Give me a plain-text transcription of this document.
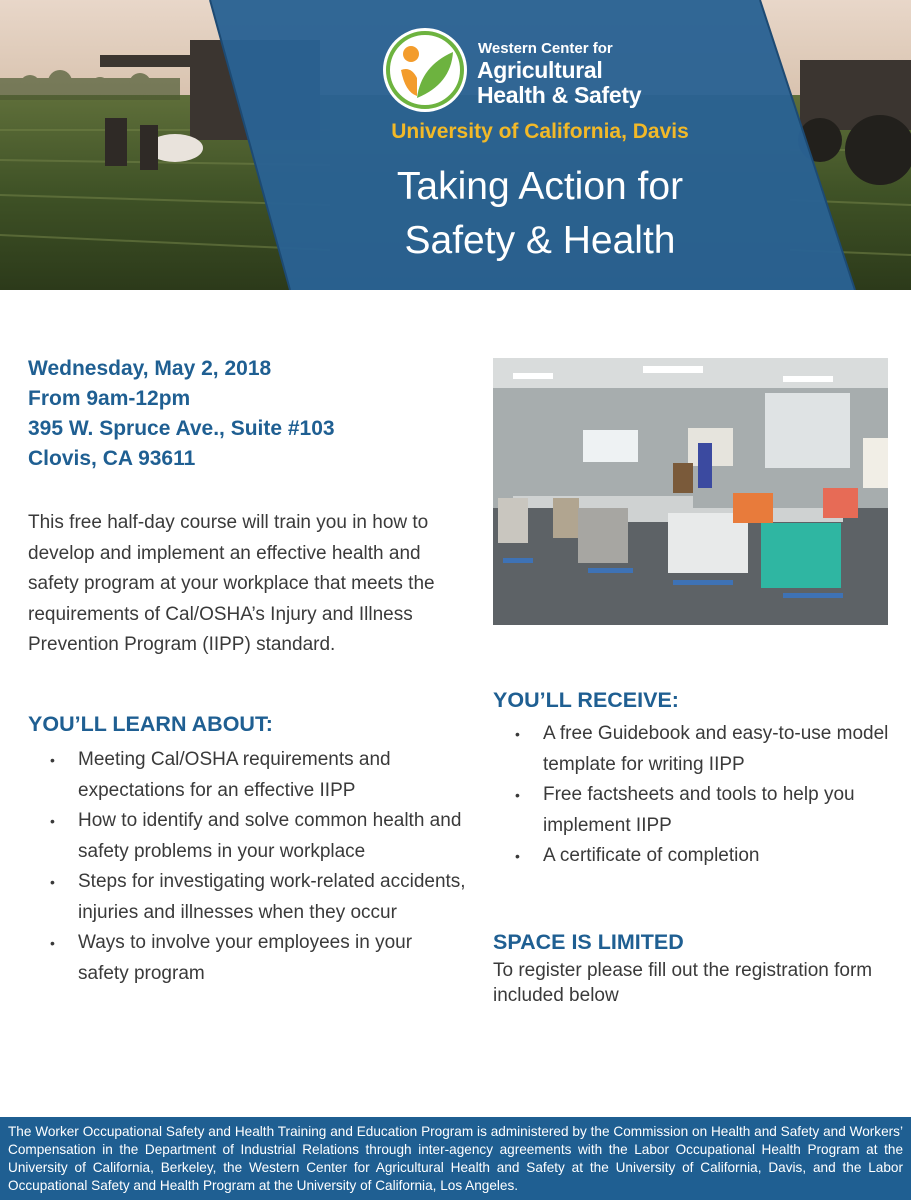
Western Center for
Agricultural
Health & Safety
University of California, Davis
Taking Action for
Safety & Health
Wednesday, May 2, 2018
From 9am-12pm
395 W. Spruce Ave., Suite #103
Clovis, CA 93611
This free half-day course will train you in how to develop and implement an effective health and safety program at your workplace that meets the requirements of Cal/OSHA’s Injury and Illness Prevention Program (IIPP) standard.
YOU’LL LEARN ABOUT:
• Meeting Cal/OSHA requirements and expectations for an effective IIPP
• How to identify and solve common health and safety problems in your workplace
• Steps for investigating work-related accidents, injuries and illnesses when they occur
• Ways to involve your employees in your safety program
YOU’LL RECEIVE:
• A free Guidebook and easy-to-use model template for writing IIPP
• Free factsheets and tools to help you implement IIPP
• A certificate of completion
SPACE IS LIMITED
To register please fill out the registration form included below
The Worker Occupational Safety and Health Training and Education Program is administered by the Commission on Health and Safety and Workers’ Compensation in the Department of Industrial Relations through inter-agency agreements with the Labor Occupational Health Program at the University of California, Berkeley, the Western Center for Agricultural Health and Safety at the University of California, Davis, and the Labor Occupational Safety and Health Program at the University of California, Los Angeles.
